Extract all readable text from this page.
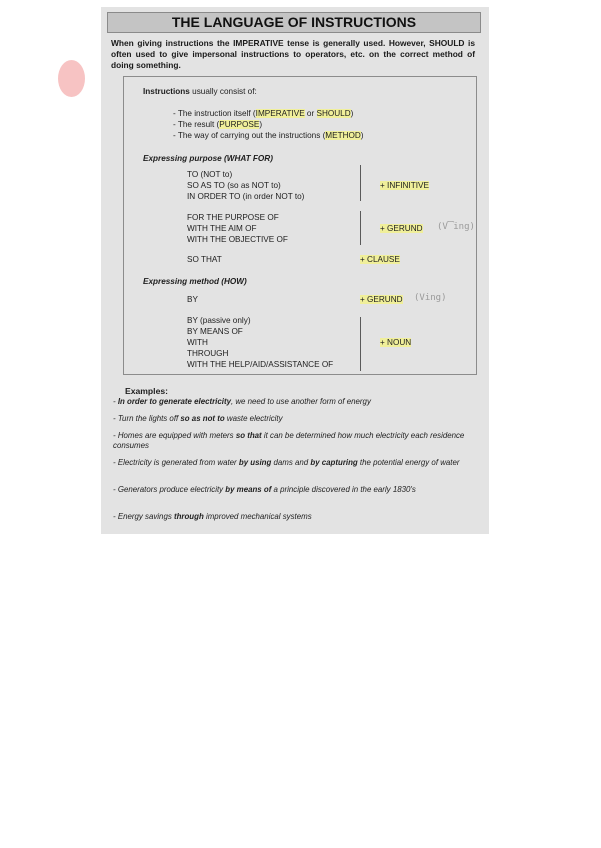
THE LANGUAGE OF INSTRUCTIONS
When giving instructions the IMPERATIVE tense is generally used. However, SHOULD is often used to give impersonal instructions to operators, etc. on the correct method of doing something.
Instructions usually consist of:
- The instruction itself (IMPERATIVE or SHOULD)
- The result (PURPOSE)
- The way of carrying out the instructions (METHOD)
Expressing purpose (WHAT FOR)
TO (NOT to)
SO AS TO (so as NOT to)
IN ORDER TO (in order NOT to)
+ INFINITIVE
FOR THE PURPOSE OF
WITH THE AIM OF
WITH THE OBJECTIVE OF
+ GERUND (V͡ing)
SO THAT	+ CLAUSE
Expressing method (HOW)
BY	+ GERUND (Ving)
BY (passive only)
BY MEANS OF
WITH
THROUGH
WITH THE HELP/AID/ASSISTANCE OF
+ NOUN
Examples:
- In order to generate electricity, we need to use another form of energy
- Turn the lights off so as not to waste electricity
- Homes are equipped with meters so that it can be determined how much electricity each residence consumes
- Electricity is generated from water by using dams and by capturing the potential energy of water
- Generators produce electricity by means of a principle discovered in the early 1830's
- Energy savings through improved mechanical systems
